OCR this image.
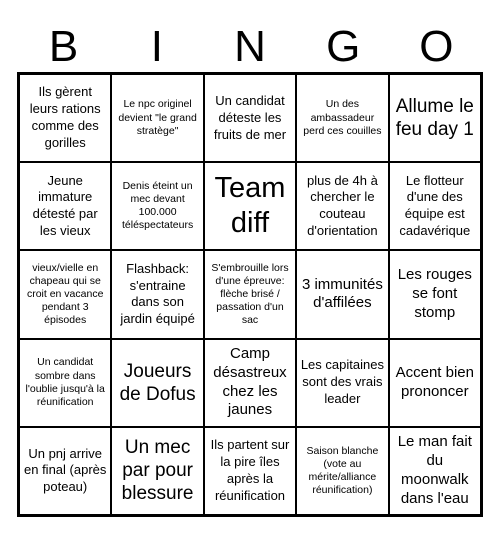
B	I	N	G	O
Ils gèrent leurs rations comme des gorilles
Le npc originel devient "le grand stratège"
Un candidat déteste les fruits de mer
Un des ambassadeur perd ces couilles
Allume le feu day 1
Jeune immature détesté par les vieux
Denis éteint un mec devant 100.000 téléspectateurs
Team diff
plus de 4h à chercher le couteau d'orientation
Le flotteur d'une des équipe est cadavérique
vieux/vielle en chapeau qui se croit en vacance pendant 3 épisodes
Flashback: s'entraine dans son jardin équipé
S'embrouille lors d'une épreuve: flèche brisé / passation d'un sac
3 immunités d'affilées
Les rouges se font stomp
Un candidat sombre dans l'oublie jusqu'à la réunification
Joueurs de Dofus
Camp désastreux chez les jaunes
Les capitaines sont des vrais leader
Accent bien prononcer
Un pnj arrive en final (après poteau)
Un mec par pour blessure
Ils partent sur la pire îles après la réunification
Saison blanche (vote au mérite/alliance réunification)
Le man fait du moonwalk dans l'eau
